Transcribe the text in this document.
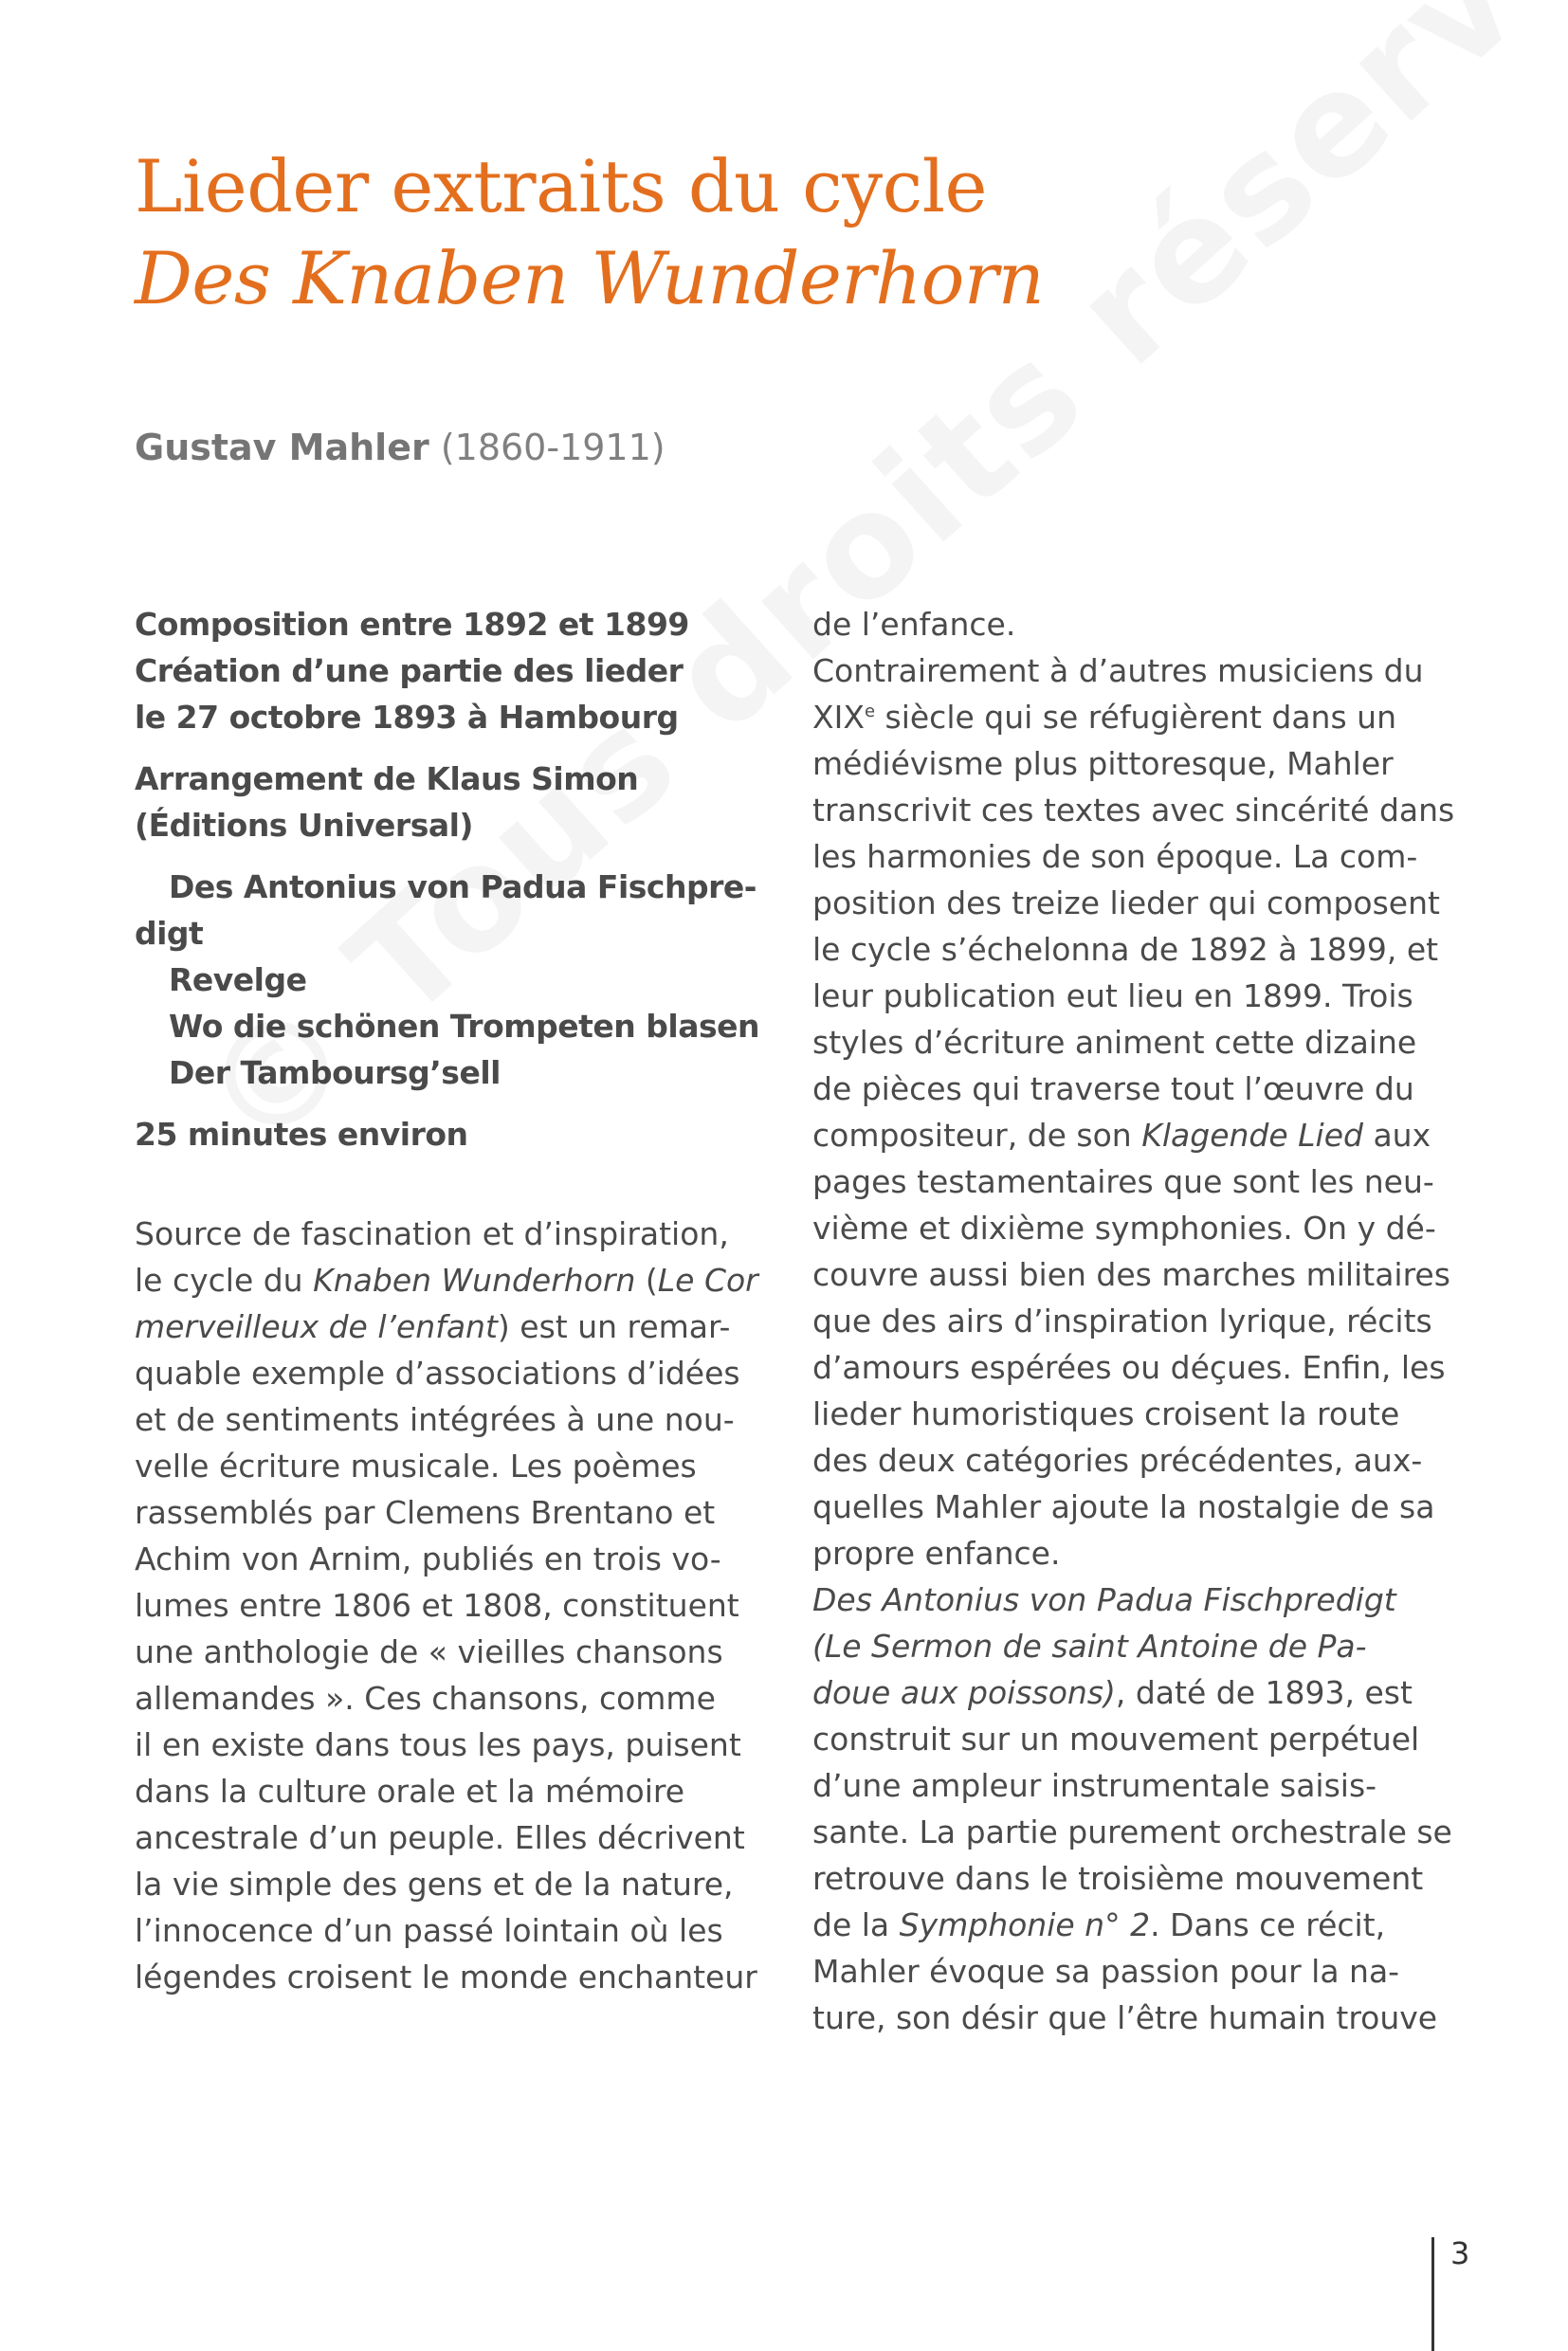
Lieder extraits du cycle
Des Knaben Wunderhorn
Gustav Mahler (1860-1911)
Composition entre 1892 et 1899
Création d’une partie des lieder
le 27 octobre 1893 à Hambourg
Arrangement de Klaus Simon
(Éditions Universal)
Des Antonius von Padua Fischpre-
digt
Revelge
Wo die schönen Trompeten blasen
Der Tamboursg’sell
25 minutes environ
Source de fascination et d’inspiration,
le cycle du Knaben Wunderhorn (Le Cor
merveilleux de l’enfant) est un remar-
quable exemple d’associations d’idées
et de sentiments intégrées à une nou-
velle écriture musicale. Les poèmes
rassemblés par Clemens Brentano et
Achim von Arnim, publiés en trois vo-
lumes entre 1806 et 1808, constituent
une anthologie de « vieilles chansons
allemandes ». Ces chansons, comme
il en existe dans tous les pays, puisent
dans la culture orale et la mémoire
ancestrale d’un peuple. Elles décrivent
la vie simple des gens et de la nature,
l’innocence d’un passé lointain où les
légendes croisent le monde enchanteur
de l’enfance.
Contrairement à d’autres musiciens du
XIXe siècle qui se réfugièrent dans un
médiévisme plus pittoresque, Mahler
transcrivit ces textes avec sincérité dans
les harmonies de son époque. La com-
position des treize lieder qui composent
le cycle s’échelonna de 1892 à 1899, et
leur publication eut lieu en 1899. Trois
styles d’écriture animent cette dizaine
de pièces qui traverse tout l’œuvre du
compositeur, de son Klagende Lied aux
pages testamentaires que sont les neu-
vième et dixième symphonies. On y dé-
couvre aussi bien des marches militaires
que des airs d’inspiration lyrique, récits
d’amours espérées ou déçues. Enfin, les
lieder humoristiques croisent la route
des deux catégories précédentes, aux-
quelles Mahler ajoute la nostalgie de sa
propre enfance.
Des Antonius von Padua Fischpredigt
(Le Sermon de saint Antoine de Pa-
doue aux poissons), daté de 1893, est
construit sur un mouvement perpétuel
d’une ampleur instrumentale saisis-
sante. La partie purement orchestrale se
retrouve dans le troisième mouvement
de la Symphonie n° 2. Dans ce récit,
Mahler évoque sa passion pour la na-
ture, son désir que l’être humain trouve
3
